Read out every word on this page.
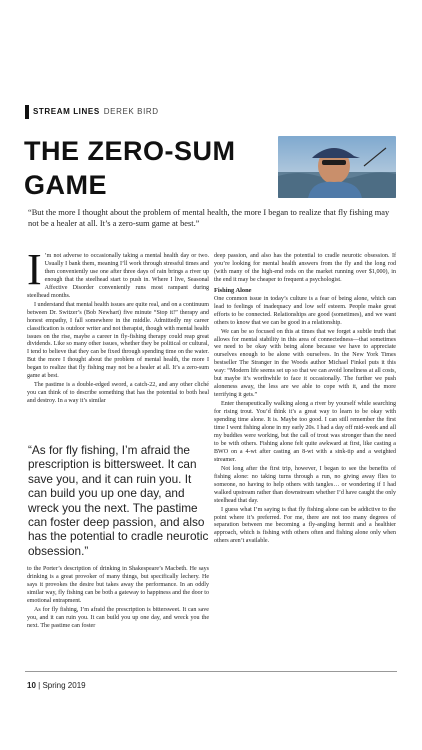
STREAM LINES DEREK BIRD
THE ZERO-SUM GAME
“But the more I thought about the problem of mental health, the more I began to realize that fly fishing may not be a healer at all. It’s a zero-sum game at best.”
I ’m not adverse to occasionally taking a mental health day or two. Usually I bank them, meaning I’ll work through stressful times and then conveniently use one after three days of rain brings a river up enough that the steelhead start to push in. Where I live, Seasonal Affective Disorder conveniently runs most rampant during steelhead months.

I understand that mental health issues are quite real, and on a continuum between Dr. Switzer’s (Bob Newhart) five minute “Stop it!” therapy and honest empathy, I fall somewhere in the middle. Admittedly my career classification is outdoor writer and not therapist, though with mental health issues on the rise, maybe a career in fly-fishing therapy could reap great dividends. Like so many other issues, whether they be political or cultural, I tend to believe that they can be fixed through spending time on the water. But the more I thought about the problem of mental health, the more I began to realize that fly fishing may not be a healer at all. It’s a zero-sum game at best.

The pastime is a double-edged sword, a catch-22, and any other cliché you can think of to describe something that has the potential to both heal and destroy. In a way it’s similar

“As for fly fishing, I’m afraid the prescription is bittersweet. It can save you, and it can ruin you. It can build you up one day, and wreck you the next. The pastime can foster deep passion, and also has the potential to cradle neurotic obsession.”

to the Porter’s description of drinking in Shakespeare’s Macbeth. He says drinking is a great provoker of many things, but specifically lechery. He says it provokes the desire but takes away the performance. In an oddly similar way, fly fishing can be both a gateway to happiness and the door to emotional entrapment.

As for fly fishing, I’m afraid the prescription is bittersweet. It can save you, and it can ruin you. It can build you up one day, and wreck you the next. The pastime can foster

deep passion, and also has the potential to cradle neurotic obsession. If you’re looking for mental health answers from the fly and the long rod (with many of the high-end rods on the market running over $1,000), in the end it may be cheaper to frequent a psychologist.

Fishing Alone

One common issue in today’s culture is a fear of being alone, which can lead to feelings of inadequacy and low self esteem. People make great efforts to be connected. Relationships are good (sometimes), and we want others to know that we can be good in a relationship.

We can be so focused on this at times that we forget a subtle truth that allows for mental stability in this area of connectedness—that sometimes we need to be okay with being alone because we have to appreciate ourselves enough to be alone with ourselves. In the New York Times bestseller The Stranger in the Woods author Michael Finkel puts it this way: “Modern life seems set up so that we can avoid loneliness at all costs, but maybe it’s worthwhile to face it occasionally. The further we push aloneness away, the less are we able to cope with it, and the more terrifying it gets.”

Enter therapeutically walking along a river by yourself while searching for rising trout. You’d think it’s a great way to learn to be okay with spending time alone. It is. Maybe too good. I can still remember the first time I went fishing alone in my early 20s. I had a day off mid-week and all my buddies were working, but the call of trout was stronger than the need to be with others. Fishing alone felt quite awkward at first, like casting a BWO on a 4-wt after casting an 8-wt with a sink-tip and a weighted streamer.

Not long after the first trip, however, I began to see the benefits of fishing alone: no taking turns through a run, no giving away flies to someone, no having to help others with tangles… or wondering if I had walked upstream rather than downstream whether I’d have caught the only steelhead that day.

I guess what I’m saying is that fly fishing alone can be addictive to the point where it’s preferred. For me, there are not too many degrees of separation between me becoming a fly-angling hermit and a healthier approach, which is fishing with others often and fishing alone only when others aren’t available.

10 | Spring 2019
